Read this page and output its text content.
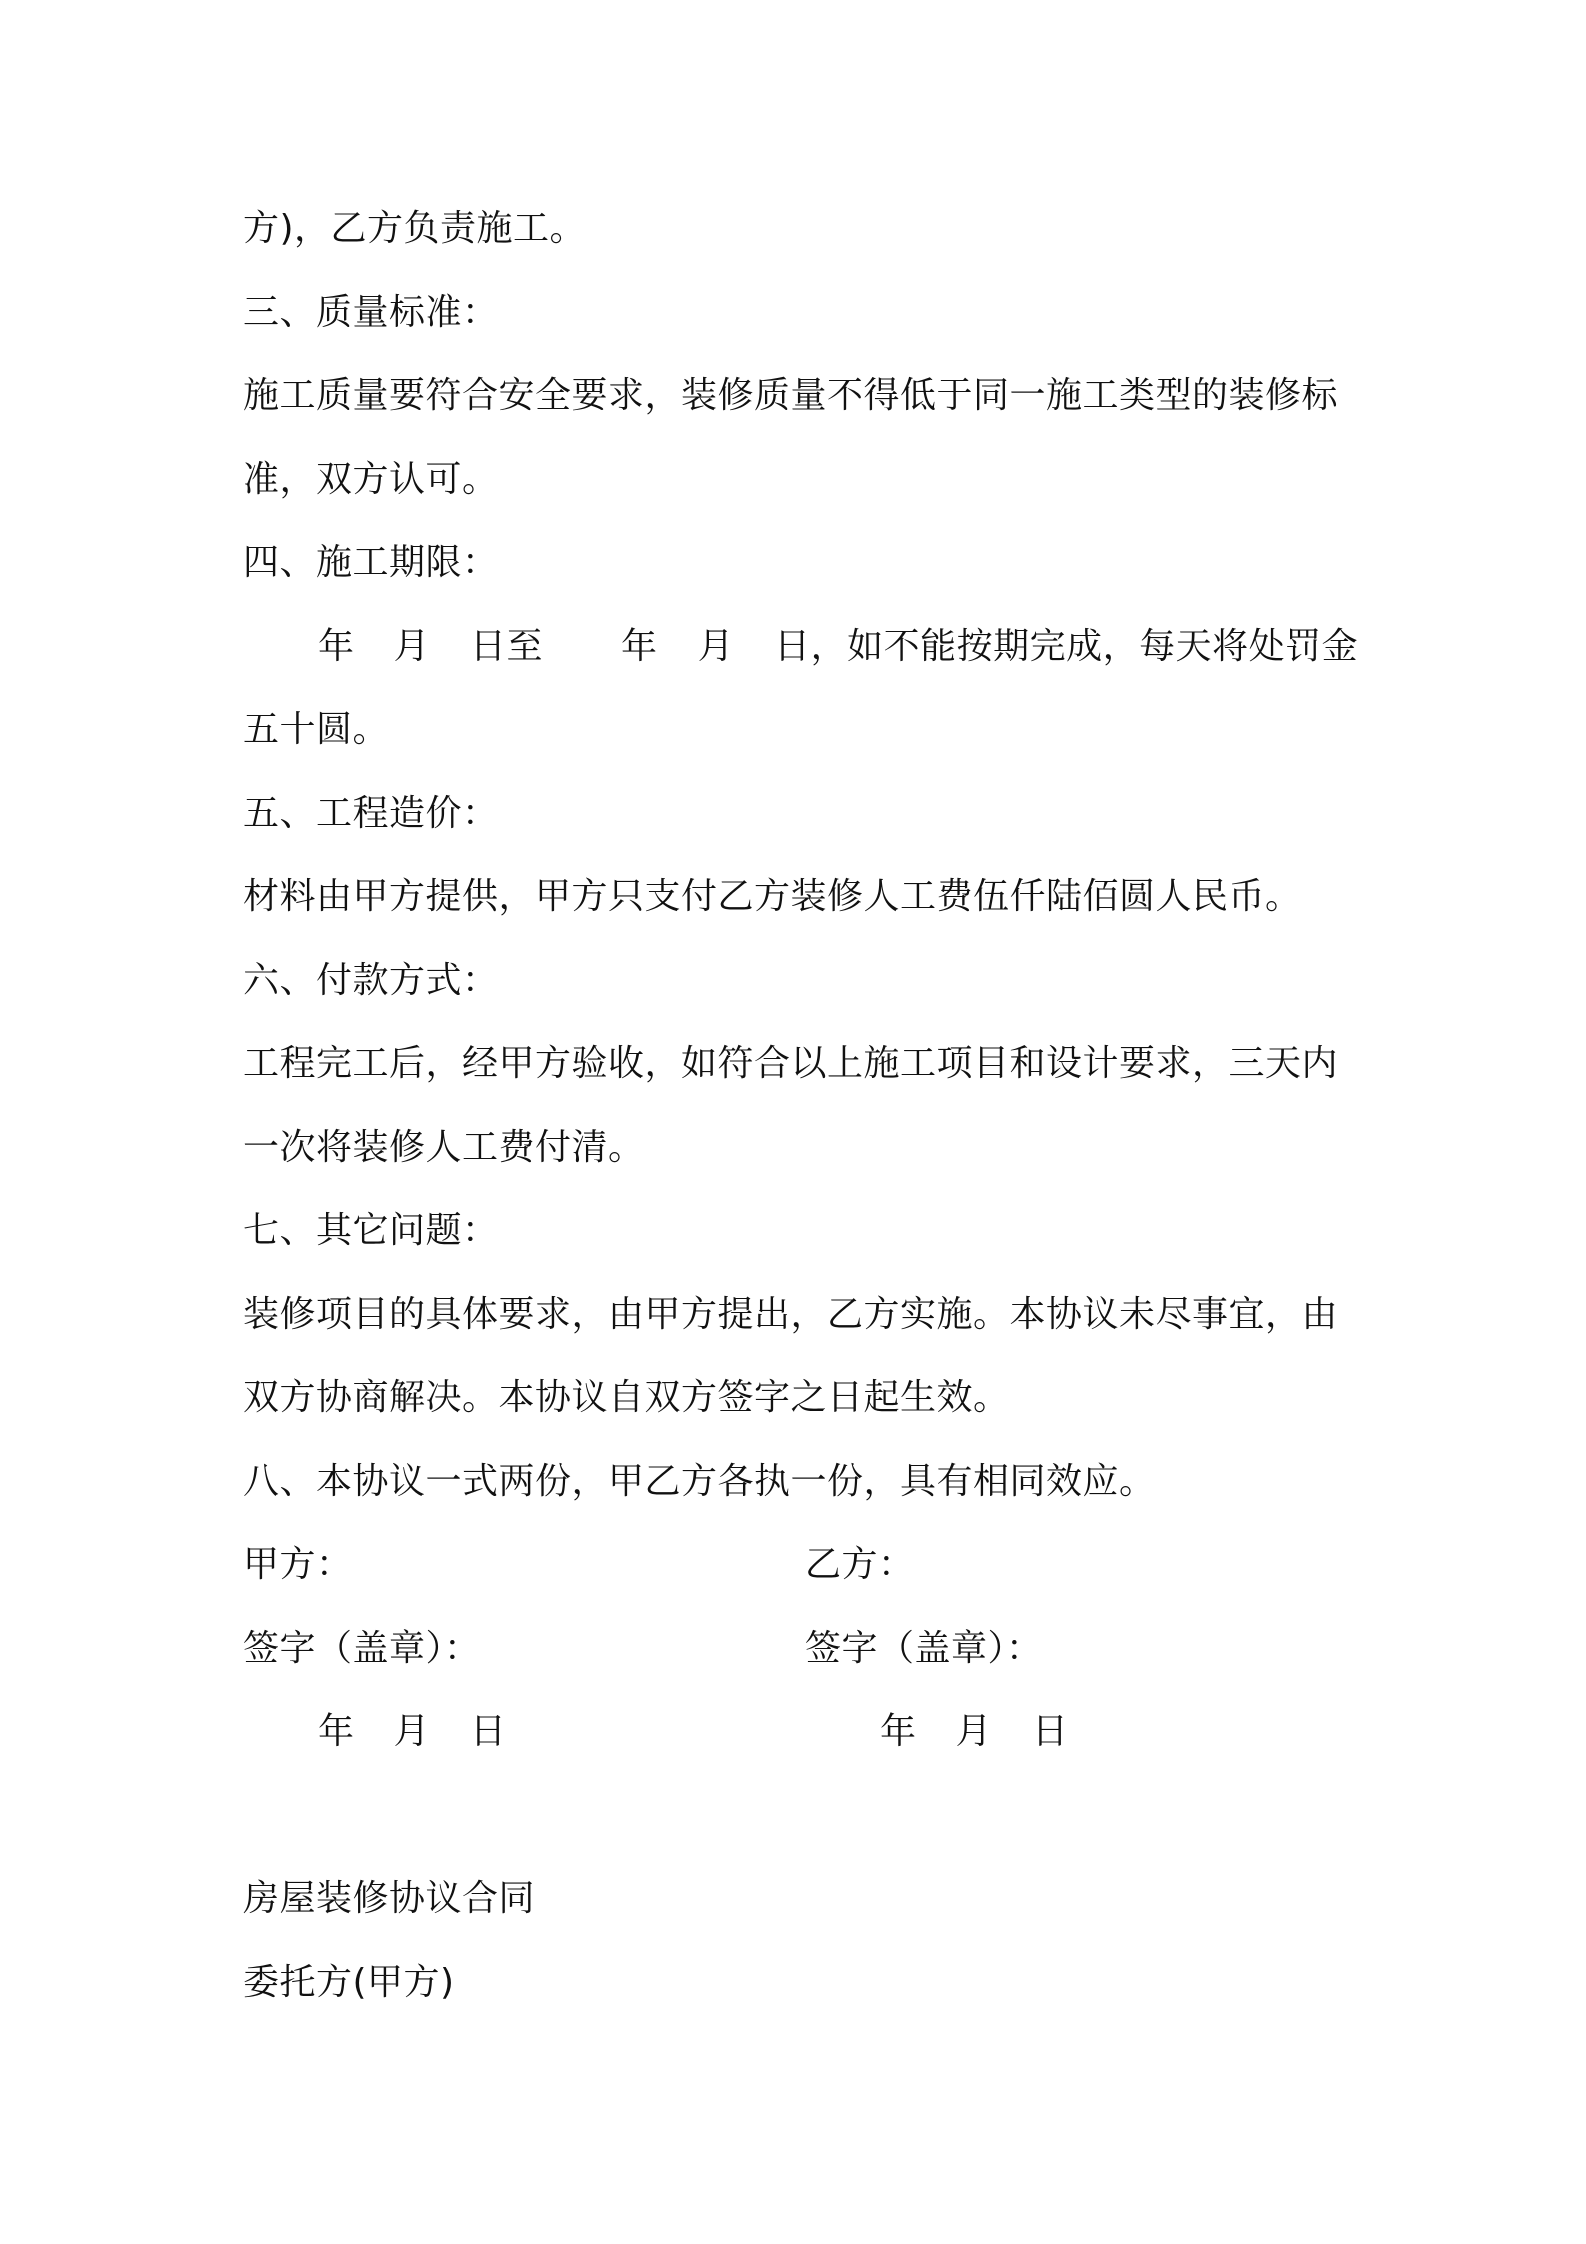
方)，乙方负责施工。
三、质量标准：
施工质量要符合安全要求，装修质量不得低于同一施工类型的装修标
准，双方认可。
四、施工期限：
年 月 日至 年 月 日，如不能按期完成，每天将处罚金
五十圆。
五、工程造价：
材料由甲方提供，甲方只支付乙方装修人工费伍仟陆佰圆人民币。
六、付款方式：
工程完工后，经甲方验收，如符合以上施工项目和设计要求，三天内
一次将装修人工费付清。
七、其它问题：
装修项目的具体要求，由甲方提出，乙方实施。本协议未尽事宜，由
双方协商解决。本协议自双方签字之日起生效。
八、本协议一式两份，甲乙方各执一份，具有相同效应。
甲方：	乙方：
签字（盖章）：	签字（盖章）：
年 月 日	年 月 日
房屋装修协议合同
委托方(甲方)
